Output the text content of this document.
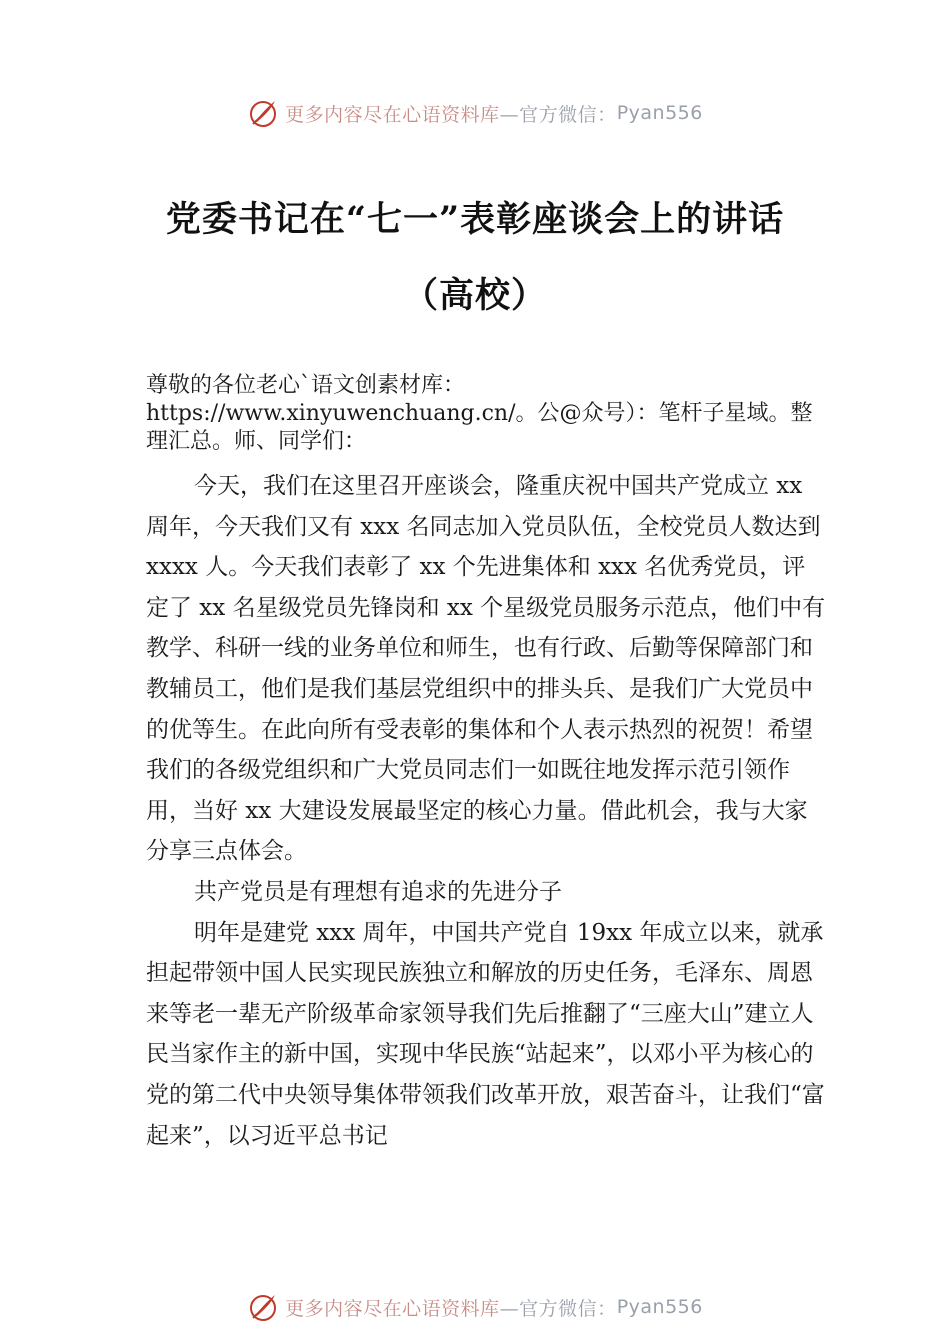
更多内容尽在心语资料库 —官方微信： Pyan556
党委书记在“七一”表彰座谈会上的讲话
（高校）
尊敬的各位老心`语文创素材库：https://www.xinyuwenchuang.cn/。公@众号）：笔杆子星域。整理汇总。师、同学们：

今天，我们在这里召开座谈会，隆重庆祝中国共产党成立 xx 周年，今天我们又有 xxx 名同志加入党员队伍，全校党员人数达到 xxxx 人。今天我们表彰了 xx 个先进集体和 xxx 名优秀党员，评定了 xx 名星级党员先锋岗和 xx 个星级党员服务示范点，他们中有教学、科研一线的业务单位和师生，也有行政、后勤等保障部门和教辅员工，他们是我们基层党组织中的排头兵、是我们广大党员中的优等生。在此向所有受表彰的集体和个人表示热烈的祝贺！希望我们的各级党组织和广大党员同志们一如既往地发挥示范引领作用，当好 xx 大建设发展最坚定的核心力量。借此机会，我与大家分享三点体会。

共产党员是有理想有追求的先进分子

明年是建党 xxx 周年，中国共产党自 19xx 年成立以来，就承担起带领中国人民实现民族独立和解放的历史任务，毛泽东、周恩来等老一辈无产阶级革命家领导我们先后推翻了“三座大山”建立人民当家作主的新中国，实现中华民族“站起来”，以邓小平为核心的党的第二代中央领导集体带领我们改革开放，艰苦奋斗，让我们“富起来”，以习近平总书记

更多内容尽在心语资料库 —官方微信： Pyan556
